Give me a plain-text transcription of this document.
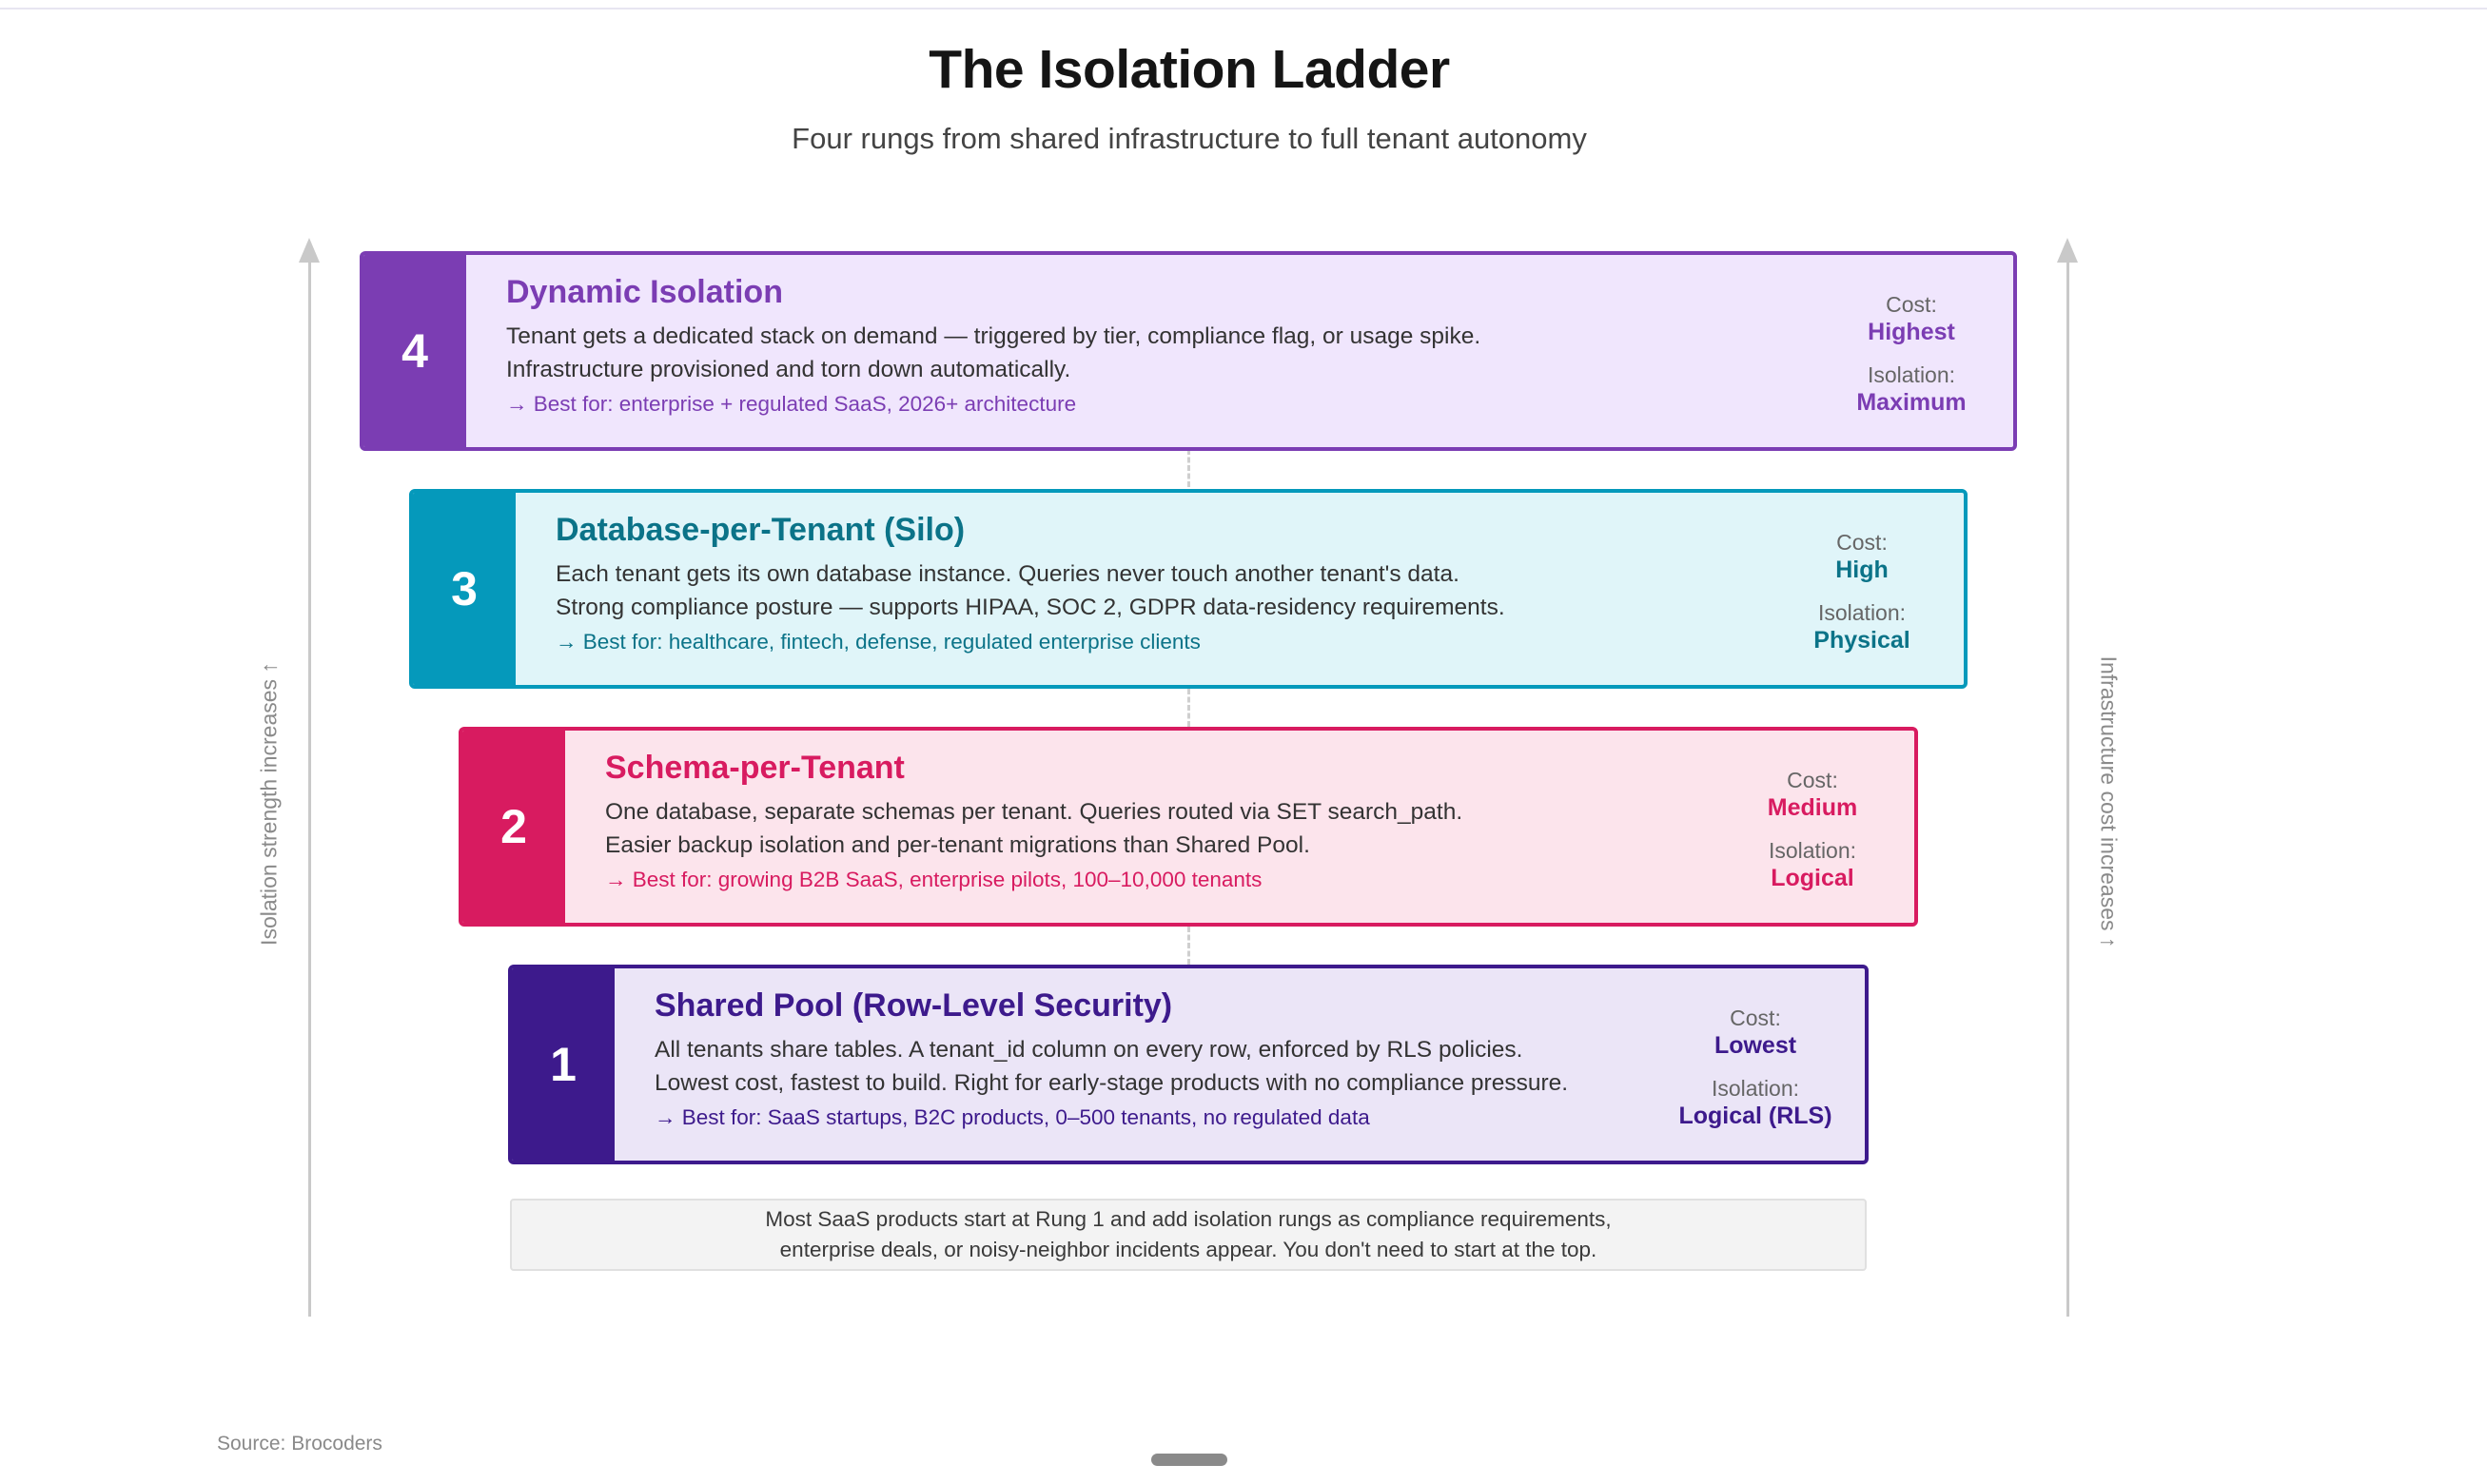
The Isolation Ladder
Four rungs from shared infrastructure to full tenant autonomy
Isolation strength increases ↑	Infrastructure cost increases ↑
4
Dynamic Isolation
Tenant gets a dedicated stack on demand — triggered by tier, compliance flag, or usage spike.
Infrastructure provisioned and torn down automatically.
→ Best for: enterprise + regulated SaaS, 2026+ architecture
Cost:
Highest
Isolation:
Maximum
3
Database-per-Tenant (Silo)
Each tenant gets its own database instance. Queries never touch another tenant's data.
Strong compliance posture — supports HIPAA, SOC 2, GDPR data-residency requirements.
→ Best for: healthcare, fintech, defense, regulated enterprise clients
Cost:
High
Isolation:
Physical
2
Schema-per-Tenant
One database, separate schemas per tenant. Queries routed via SET search_path.
Easier backup isolation and per-tenant migrations than Shared Pool.
→ Best for: growing B2B SaaS, enterprise pilots, 100–10,000 tenants
Cost:
Medium
Isolation:
Logical
1
Shared Pool (Row-Level Security)
All tenants share tables. A tenant_id column on every row, enforced by RLS policies.
Lowest cost, fastest to build. Right for early-stage products with no compliance pressure.
→ Best for: SaaS startups, B2C products, 0–500 tenants, no regulated data
Cost:
Lowest
Isolation:
Logical (RLS)
Most SaaS products start at Rung 1 and add isolation rungs as compliance requirements,
enterprise deals, or noisy-neighbor incidents appear. You don't need to start at the top.
Source: Brocoders
